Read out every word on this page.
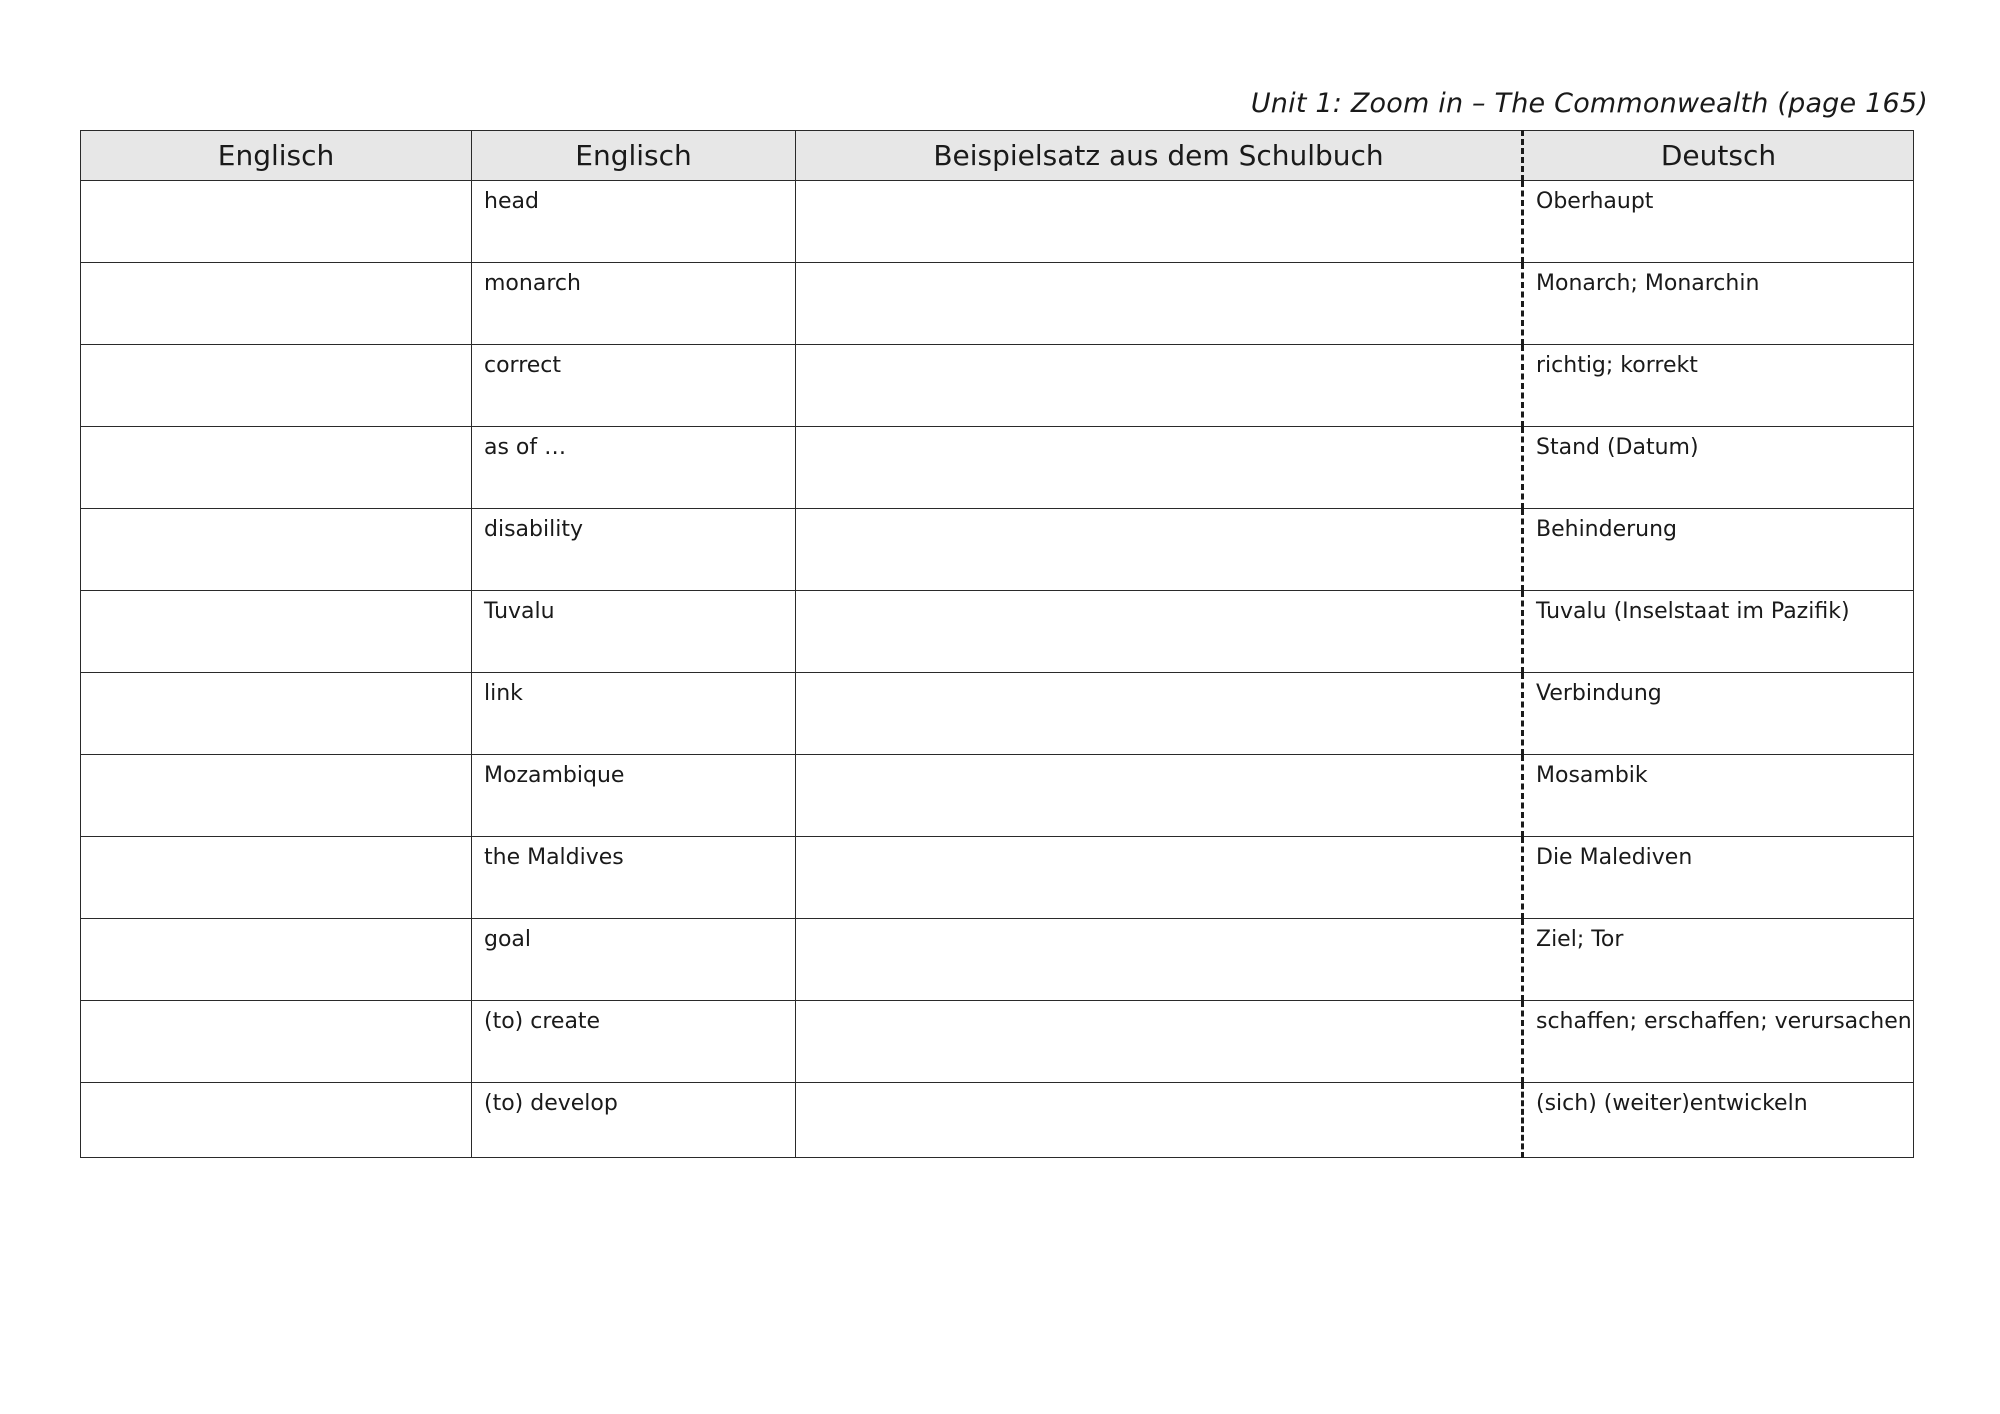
Unit 1: Zoom in – The Commonwealth (page 165)
Englisch	Englisch	Beispielsatz aus dem Schulbuch	Deutsch

	head		Oberhaupt

	monarch		Monarch; Monarchin

	correct		richtig; korrekt

	as of …		Stand (Datum)

	disability		Behinderung

	Tuvalu		Tuvalu (Inselstaat im Pazifik)

	link		Verbindung

	Mozambique		Mosambik

	the Maldives		Die Malediven

	goal		Ziel; Tor

	(to) create		schaffen; erschaffen; verursachen

	(to) develop		(sich) (weiter)entwickeln
